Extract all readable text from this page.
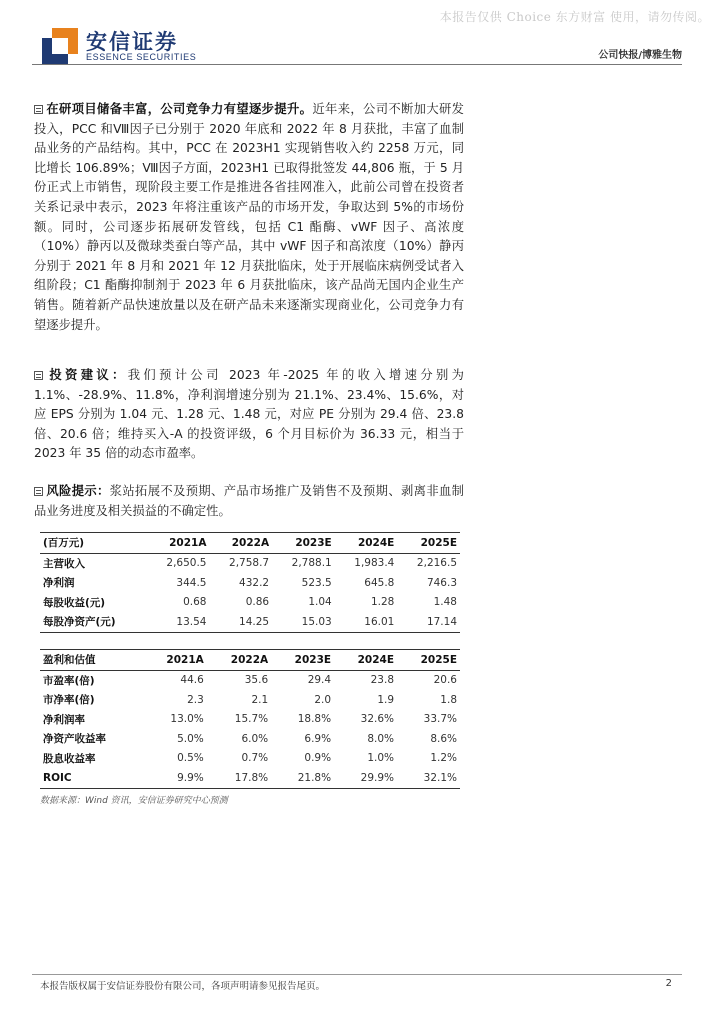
本报告仅供 Choice 东方财富 使用，请勿传阅。
安信证券
ESSENCE SECURITIES	公司快报/博雅生物

在研项目储备丰富，公司竞争力有望逐步提升。近年来，公司不断加大研发投入，PCC 和Ⅷ因子已分别于 2020 年底和 2022 年 8 月获批，丰富了血制品业务的产品结构。其中，PCC 在 2023H1 实现销售收入约 2258 万元，同比增长 106.89%；Ⅷ因子方面，2023H1 已取得批签发 44,806 瓶，于 5 月份正式上市销售，现阶段主要工作是推进各省挂网准入，此前公司曾在投资者关系记录中表示，2023 年将注重该产品的市场开发，争取达到 5%的市场份额。同时，公司逐步拓展研发管线，包括 C1 酯酶、vWF 因子、高浓度（10%）静丙以及微球类蚕白等产品，其中 vWF 因子和高浓度（10%）静丙分别于 2021 年 8 月和 2021 年 12 月获批临床，处于开展临床病例受试者入组阶段；C1 酯酶抑制剂于 2023 年 6 月获批临床，该产品尚无国内企业生产销售。随着新产品快速放量以及在研产品未来逐渐实现商业化，公司竞争力有望逐步提升。

投资建议：我们预计公司 2023 年-2025 年的收入增速分别为 1.1%、-28.9%、11.8%，净利润增速分别为 21.1%、23.4%、15.6%，对应 EPS 分别为 1.04 元、1.28 元、1.48 元，对应 PE 分别为 29.4 倍、23.8 倍、20.6 倍；维持买入-A 的投资评级，6 个月目标价为 36.33 元，相当于 2023 年 35 倍的动态市盈率。

风险提示：浆站拓展不及预期、产品市场推广及销售不及预期、剥离非血制品业务进度及相关损益的不确定性。

(百万元)	2021A	2022A	2023E	2024E	2025E
主营收入	2,650.5	2,758.7	2,788.1	1,983.4	2,216.5
净利润	344.5	432.2	523.5	645.8	746.3
每股收益(元)	0.68	0.86	1.04	1.28	1.48
每股净资产(元)	13.54	14.25	15.03	16.01	17.14
盈利和估值	2021A	2022A	2023E	2024E	2025E
市盈率(倍)	44.6	35.6	29.4	23.8	20.6
市净率(倍)	2.3	2.1	2.0	1.9	1.8
净利润率	13.0%	15.7%	18.8%	32.6%	33.7%
净资产收益率	5.0%	6.0%	6.9%	8.0%	8.6%
股息收益率	0.5%	0.7%	0.9%	1.0%	1.2%
ROIC	9.9%	17.8%	21.8%	29.9%	32.1%
数据来源：Wind 资讯，安信证券研究中心预测
本报告版权属于安信证券股份有限公司，各项声明请参见报告尾页。	2
